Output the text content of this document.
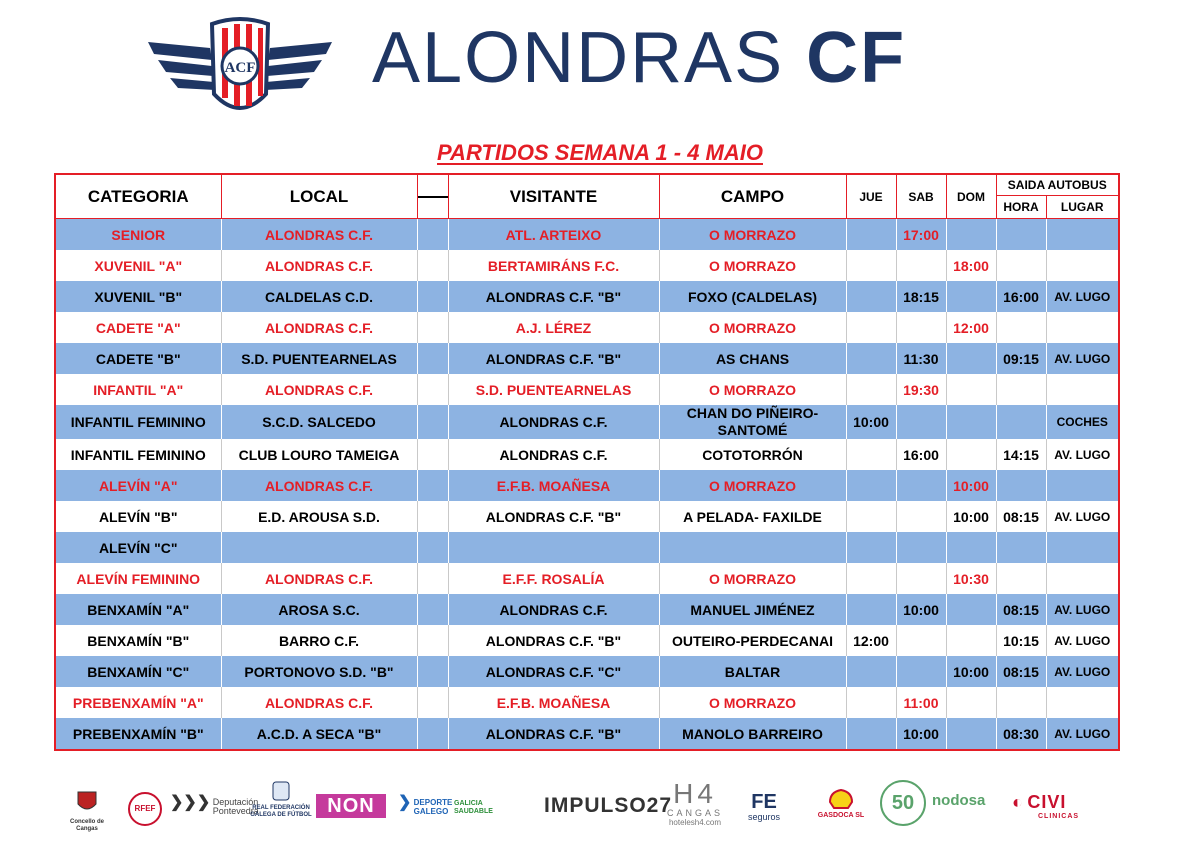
ACF ALONDRAS CF
PARTIDOS SEMANA 1 - 4 MAIO
CATEGORIA	LOCAL		VISITANTE	CAMPO	JUE	SAB	DOM	SAIDA AUTOBUS	
								HORA	LUGAR
SENIOR	ALONDRAS C.F.		ATL. ARTEIXO	O MORRAZO		17:00			
XUVENIL "A"	ALONDRAS C.F.		BERTAMIRÁNS F.C.	O MORRAZO			18:00		
XUVENIL "B"	CALDELAS C.D.		ALONDRAS C.F. "B"	FOXO (CALDELAS)		18:15		16:00	AV. LUGO
CADETE "A"	ALONDRAS C.F.		A.J. LÉREZ	O MORRAZO			12:00		
CADETE "B"	S.D. PUENTEARNELAS		ALONDRAS C.F. "B"	AS CHANS		11:30		09:15	AV. LUGO
INFANTIL "A"	ALONDRAS C.F.		S.D. PUENTEARNELAS	O MORRAZO		19:30			
INFANTIL FEMININO	S.C.D. SALCEDO		ALONDRAS C.F.	CHAN DO PIÑEIRO- SANTOMÉ	10:00				COCHES
INFANTIL FEMININO	CLUB LOURO TAMEIGA		ALONDRAS C.F.	COTOTORRÓN		16:00		14:15	AV. LUGO
ALEVÍN "A"	ALONDRAS C.F.		E.F.B. MOAÑESA	O MORRAZO			10:00		
ALEVÍN "B"	E.D. AROUSA S.D.		ALONDRAS C.F. "B"	A PELADA- FAXILDE			10:00	08:15	AV. LUGO
ALEVÍN "C"									
ALEVÍN FEMININO	ALONDRAS C.F.		E.F.F. ROSALÍA	O MORRAZO			10:30		
BENXAMÍN "A"	AROSA S.C.		ALONDRAS C.F.	MANUEL JIMÉNEZ		10:00		08:15	AV. LUGO
BENXAMÍN "B"	BARRO C.F.		ALONDRAS C.F. "B"	OUTEIRO-PERDECANAI	12:00			10:15	AV. LUGO
BENXAMÍN "C"	PORTONOVO S.D. "B"		ALONDRAS C.F. "C"	BALTAR			10:00	08:15	AV. LUGO
PREBENXAMÍN "A"	ALONDRAS C.F.		E.F.B. MOAÑESA	O MORRAZO		11:00			
PREBENXAMÍN "B"	A.C.D. A SECA "B"		ALONDRAS C.F. "B"	MANOLO BARREIRO		10:00		08:30	AV. LUGO
Concello de Cangas
RFEF ❯❯❯ Deputación Pontevedra
REAL FEDERACIÓN GALEGA DE FÚTBOL NON	❯ DEPORTE GALEGO
GALICIA SAUDABLE	IMPULSO27 H4
CANGAS
hotelesh4.com
FE
seguros	GASDOCA SL
50	nodosa ◐ CIVI
CLINICAS
